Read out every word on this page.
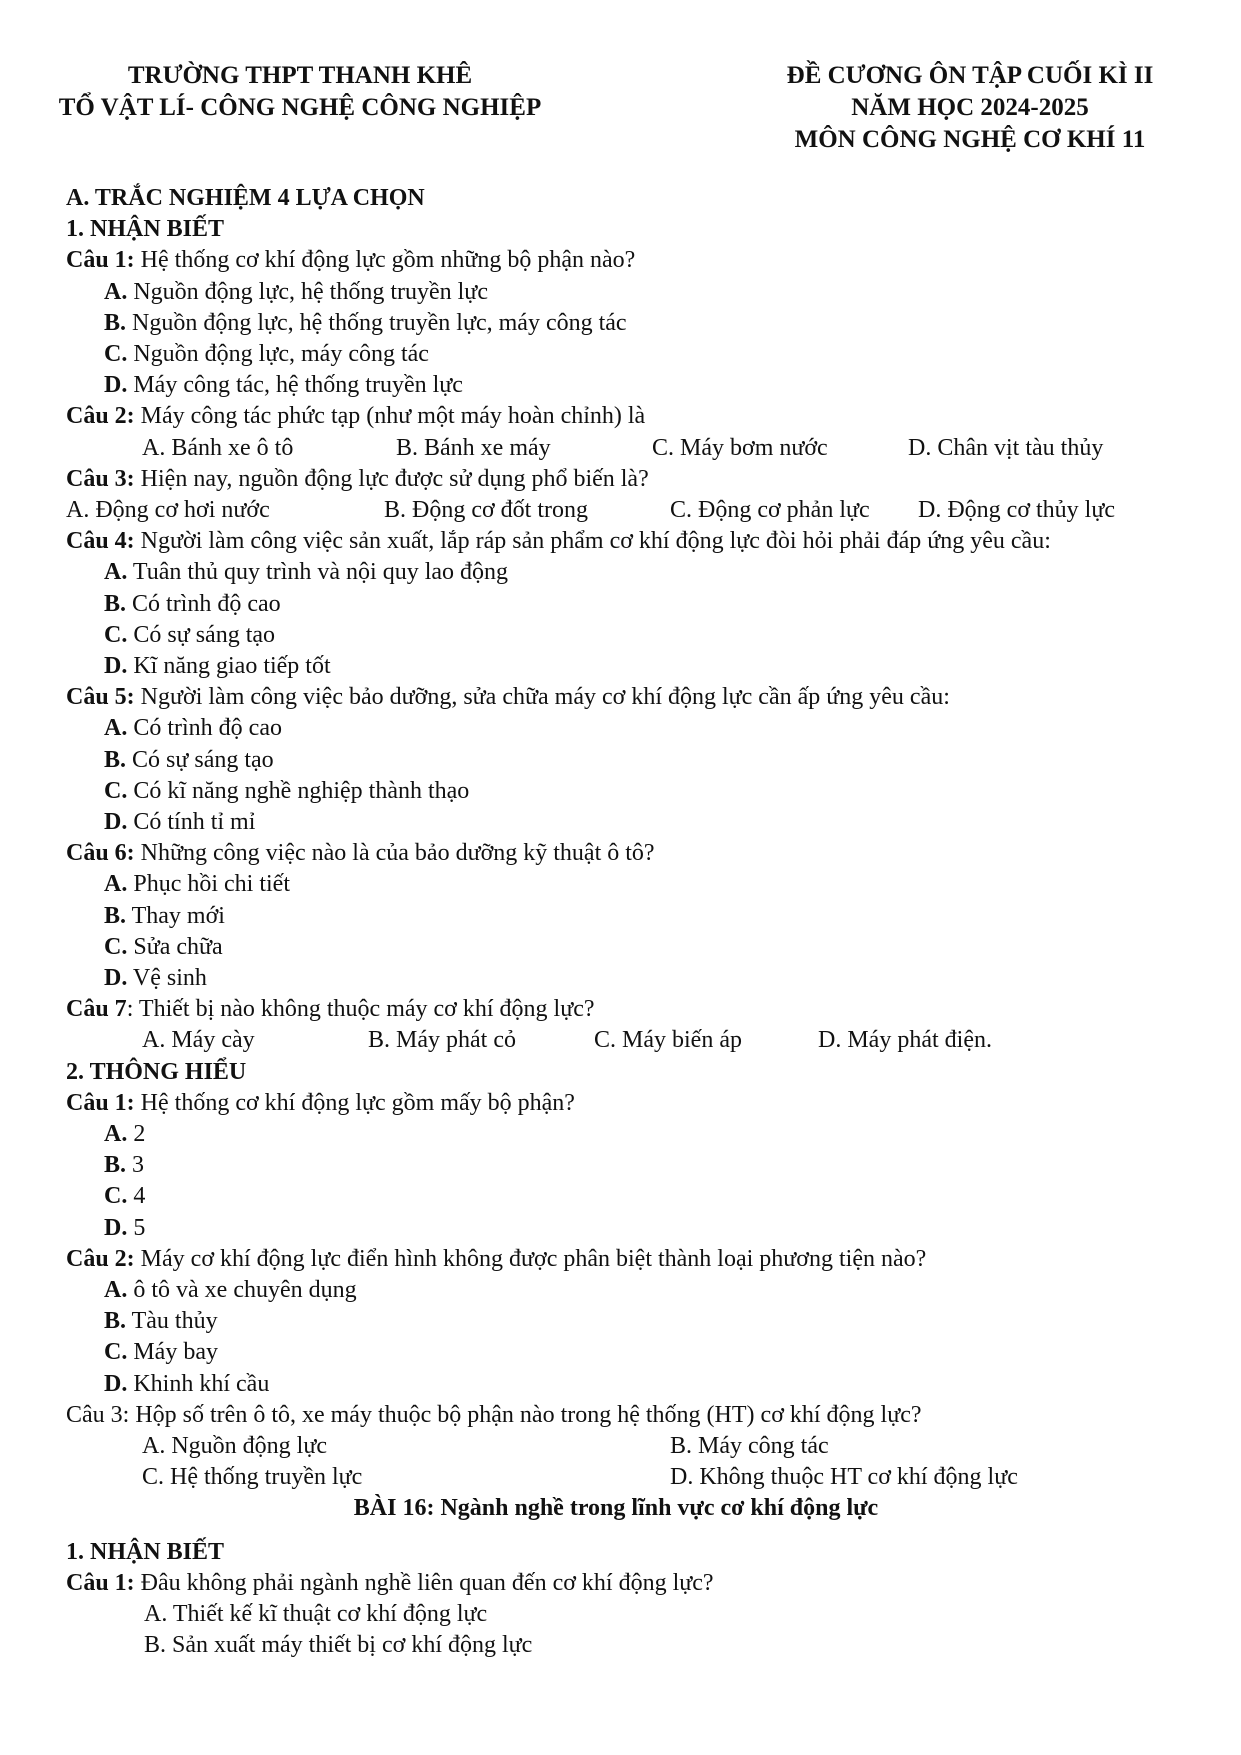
TRƯỜNG THPT THANH KHÊ
TỔ VẬT LÍ- CÔNG NGHỆ CÔNG NGHIỆP
ĐỀ CƯƠNG ÔN TẬP CUỐI KÌ II
NĂM HỌC 2024-2025
MÔN CÔNG NGHỆ CƠ KHÍ 11
A. TRẮC NGHIỆM 4 LỰA CHỌN
1. NHẬN BIẾT
Câu 1: Hệ thống cơ khí động lực gồm những bộ phận nào?
A. Nguồn động lực, hệ thống truyền lực
B. Nguồn động lực, hệ thống truyền lực, máy công tác
C. Nguồn động lực, máy công tác
D. Máy công tác, hệ thống truyền lực
Câu 2: Máy công tác phức tạp (như một máy hoàn chỉnh) là
A. Bánh xe ô tô	B. Bánh xe máy	C. Máy bơm nước	D. Chân vịt tàu thủy
Câu 3: Hiện nay, nguồn động lực được sử dụng phổ biến là?
A. Động cơ hơi nước	B. Động cơ đốt trong	C. Động cơ phản lực D. Động cơ thủy lực
Câu 4: Người làm công việc sản xuất, lắp ráp sản phẩm cơ khí động lực đòi hỏi phải đáp ứng yêu cầu:
A. Tuân thủ quy trình và nội quy lao động
B. Có trình độ cao
C. Có sự sáng tạo
D. Kĩ năng giao tiếp tốt
Câu 5: Người làm công việc bảo dưỡng, sửa chữa máy cơ khí động lực cần ấp ứng yêu cầu:
A. Có trình độ cao
B. Có sự sáng tạo
C. Có kĩ năng nghề nghiệp thành thạo
D. Có tính tỉ mỉ
Câu 6: Những công việc nào là của bảo dưỡng kỹ thuật ô tô?
A. Phục hồi chi tiết
B. Thay mới
C. Sửa chữa
D. Vệ sinh
Câu 7: Thiết bị nào không thuộc máy cơ khí động lực?
A. Máy cày	B. Máy phát cỏ	C. Máy biến áp	D. Máy phát điện.
2. THÔNG HIỂU
Câu 1: Hệ thống cơ khí động lực gồm mấy bộ phận?
A. 2
B. 3
C. 4
D. 5
Câu 2: Máy cơ khí động lực điển hình không được phân biệt thành loại phương tiện nào?
A. ô tô và xe chuyên dụng
B. Tàu thủy
C. Máy bay
D. Khinh khí cầu
Câu 3: Hộp số trên ô tô, xe máy thuộc bộ phận nào trong hệ thống (HT) cơ khí động lực?
A. Nguồn động lực	B. Máy công tác
C. Hệ thống truyền lực	D. Không thuộc HT cơ khí động lực
BÀI 16: Ngành nghề trong lĩnh vực cơ khí động lực
1. NHẬN BIẾT
Câu 1: Đâu không phải ngành nghề liên quan đến cơ khí động lực?
A. Thiết kế kĩ thuật cơ khí động lực
B. Sản xuất máy thiết bị cơ khí động lực
